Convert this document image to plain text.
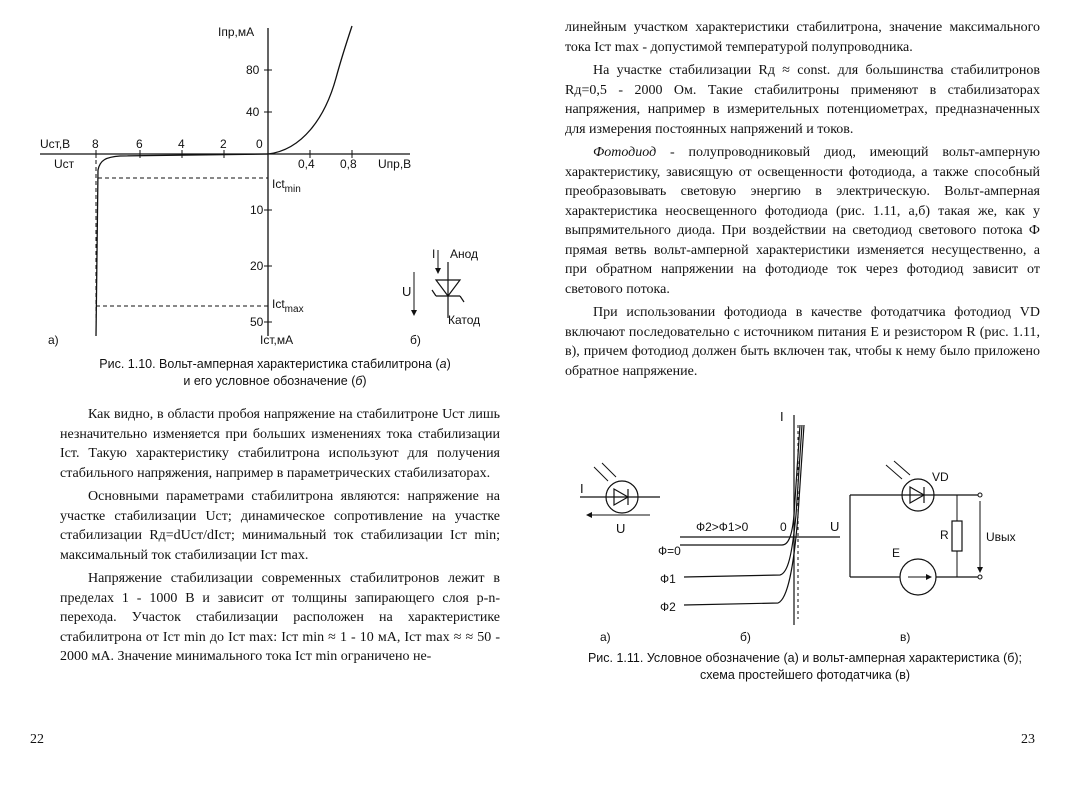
Iпр,мА
Uст,В
Uпр,В
Iст,мА
Uст
Ict$_{min}$
Ict$_{max}$
80
40
0
8	6	4	2
0,4 0,8
10
20
50
а)	б)
I Анод
Катод
U
Рис. 1.10. Вольт-амперная характеристика стабилитрона (а)
и его условное обозначение (б)

Как видно, в области пробоя напряжение на стабилитроне Uст лишь незначительно изменяется при больших изменениях тока стабилизации Iст. Такую характеристику стабилитрона используют для получения стабильного напряжения, например в параметрических стабилизаторах.

Основными параметрами стабилитрона являются: напряжение на участке стабилизации Uст; динамическое сопротивление на участке стабилизации Rд=dUст/dIст; минимальный ток стабилизации Iст min; максимальный ток стабилизации Iст max.

Напряжение стабилизации современных стабилитронов лежит в пределах 1 - 1000 В и зависит от толщины запирающего слоя p-n-перехода. Участок стабилизации расположен на характеристике стабилитрона от Iст min до Iст max: Iст min ≈ 1 - 10 мА, Iст max ≈ ≈ 50 - 2000 мА. Значение минимального тока Iст min ограничено не-

22

линейным участком характеристики стабилитрона, значение максимального тока Iст max - допустимой температурой полупроводника.

На участке стабилизации Rд ≈ const. для большинства стабилитронов Rд=0,5 - 2000 Ом. Такие стабилитроны применяют в стабилизаторах напряжения, например в измерительных потенциометрах, предназначенных для измерения постоянных напряжений и токов.

Фотодиод - полупроводниковый диод, имеющий вольт-амперную характеристику, зависящую от освещенности фотодиода, а также способный преобразовывать световую энергию в электрическую. Вольт-амперная характеристика неосвещенного фотодиода (рис. 1.11, а,б) такая же, как у выпрямительного диода. При воздействии на светодиод светового потока Ф прямая ветвь вольт-амперной характеристики изменяется несущественно, а при обратном напряжении на фотодиоде ток через фотодиод зависит от светового потока.

При использовании фотодиода в качестве фотодатчика фотодиод VD включают последовательно с источником питания E и резистором R (рис. 1.11, в), причем фотодиод должен быть включен так, чтобы к нему было приложено обратное напряжение.

I
U
I
U
0
Ф2>Ф1>0
Ф=0
Ф1
Ф2
VD
R
E
Uвых
а)	б)	в)
Рис. 1.11. Условное обозначение (а) и вольт-амперная характеристика (б);
схема простейшего фотодатчика (в)
23
